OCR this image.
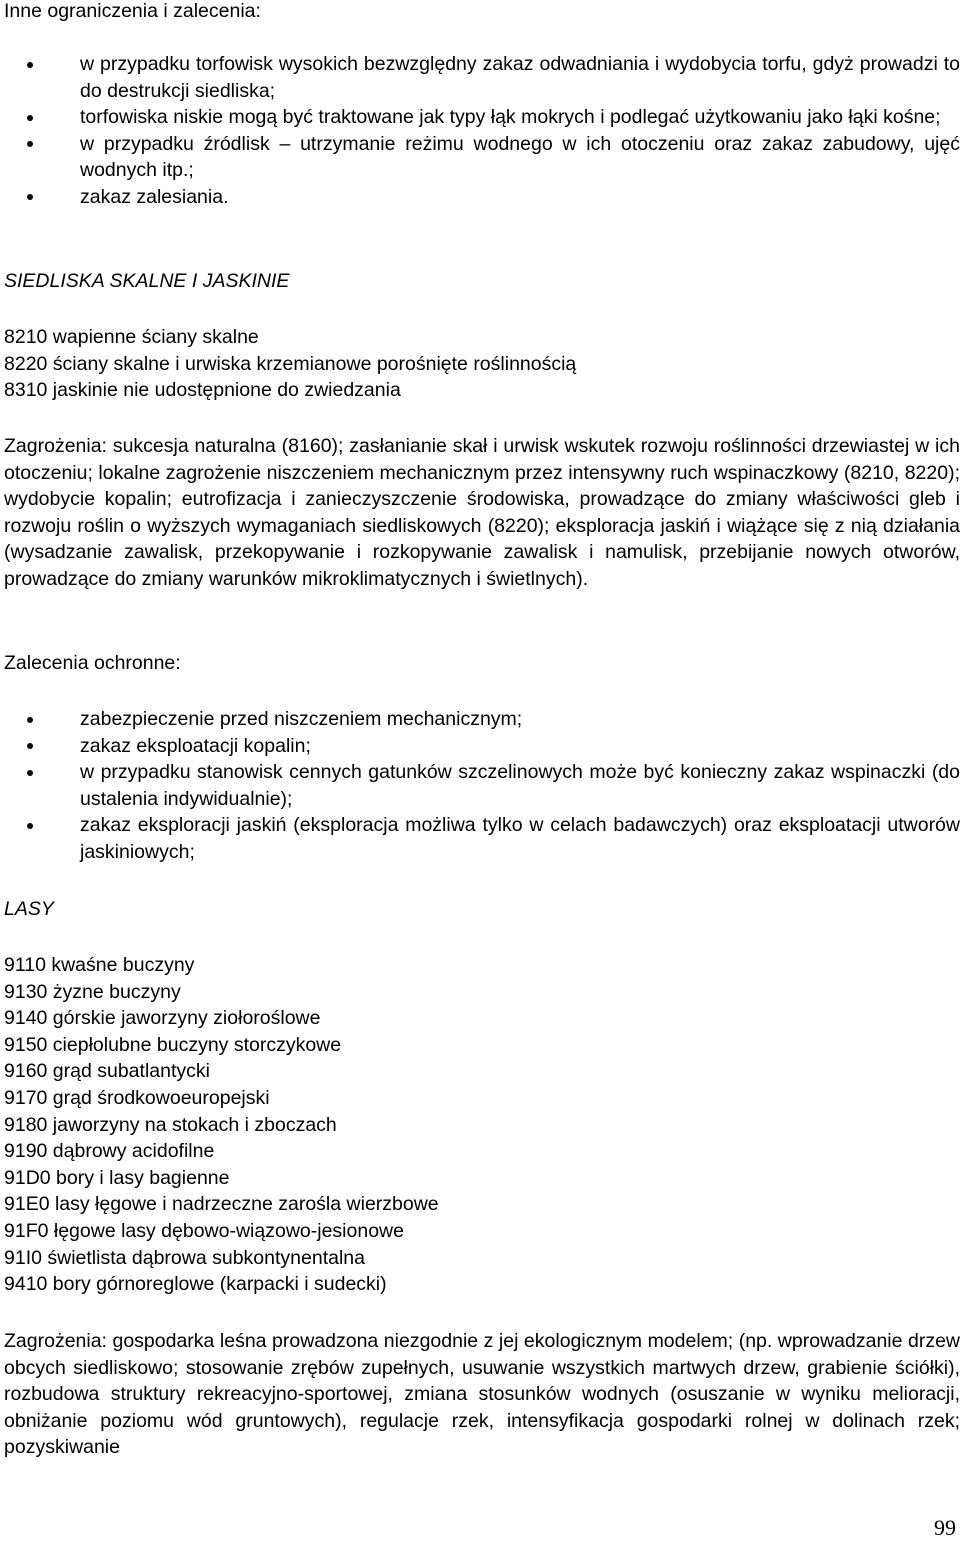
Inne ograniczenia i zalecenia:

w przypadku torfowisk wysokich bezwzględny zakaz odwadniania i wydobycia torfu, gdyż prowadzi to do destrukcji siedliska;
torfowiska niskie mogą być traktowane jak typy łąk mokrych i podlegać użytkowaniu jako łąki kośne;
w przypadku źródlisk – utrzymanie reżimu wodnego w ich otoczeniu oraz zakaz zabudowy, ujęć wodnych itp.;
zakaz zalesiania.

SIEDLISKA SKALNE I JASKINIE

8210 wapienne ściany skalne
8220 ściany skalne i urwiska krzemianowe porośnięte roślinnością
8310 jaskinie nie udostępnione do zwiedzania

Zagrożenia: sukcesja naturalna (8160); zasłanianie skał i urwisk wskutek rozwoju roślinności drzewiastej w ich otoczeniu; lokalne zagrożenie niszczeniem mechanicznym przez intensywny ruch wspinaczkowy (8210, 8220); wydobycie kopalin; eutrofizacja i zanieczyszczenie środowiska, prowadzące do zmiany właściwości gleb i rozwoju roślin o wyższych wymaganiach siedliskowych (8220); eksploracja jaskiń i wiążące się z nią działania (wysadzanie zawalisk, przekopywanie i rozkopywanie zawalisk i namulisk, przebijanie nowych otworów, prowadzące do zmiany warunków mikroklimatycznych i świetlnych).

Zalecenia ochronne:

zabezpieczenie przed niszczeniem mechanicznym;
zakaz eksploatacji kopalin;
w przypadku stanowisk cennych gatunków szczelinowych może być konieczny zakaz wspinaczki (do ustalenia indywidualnie);
zakaz eksploracji jaskiń (eksploracja możliwa tylko w celach badawczych) oraz eksploatacji utworów jaskiniowych;

LASY

9110 kwaśne buczyny
9130 żyzne buczyny
9140 górskie jaworzyny ziołoroślowe
9150 ciepłolubne buczyny storczykowe
9160 grąd subatlantycki
9170 grąd środkowoeuropejski
9180 jaworzyny na stokach i zboczach
9190 dąbrowy acidofilne
91D0 bory i lasy bagienne
91E0 lasy łęgowe i nadrzeczne zarośla wierzbowe
91F0 łęgowe lasy dębowo-wiązowo-jesionowe
91I0 świetlista dąbrowa subkontynentalna
9410 bory górnoreglowe (karpacki i sudecki)

Zagrożenia: gospodarka leśna prowadzona niezgodnie z jej ekologicznym modelem; (np. wprowadzanie drzew obcych siedliskowo; stosowanie zrębów zupełnych, usuwanie wszystkich martwych drzew, grabienie ściółki), rozbudowa struktury rekreacyjno-sportowej, zmiana stosunków wodnych (osuszanie w wyniku melioracji, obniżanie poziomu wód gruntowych), regulacje rzek, intensyfikacja gospodarki rolnej w dolinach rzek; pozyskiwanie

99
